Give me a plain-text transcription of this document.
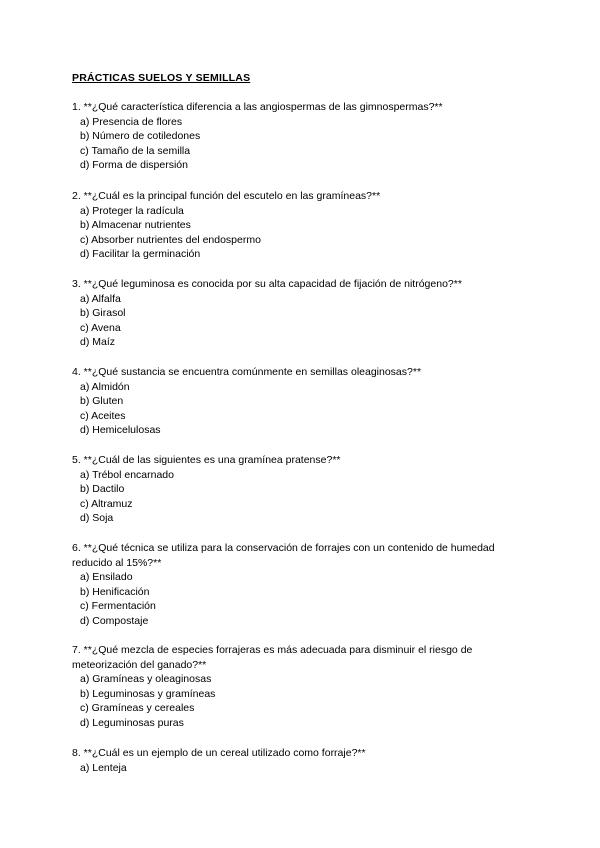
PRÁCTICAS SUELOS Y SEMILLAS

1. **¿Qué característica diferencia a las angiospermas de las gimnospermas?**

a) Presencia de flores
b) Número de cotiledones
c) Tamaño de la semilla
d) Forma de dispersión

2. **¿Cuál es la principal función del escutelo en las gramíneas?**

a) Proteger la radícula
b) Almacenar nutrientes
c) Absorber nutrientes del endospermo
d) Facilitar la germinación

3. **¿Qué leguminosa es conocida por su alta capacidad de fijación de nitrógeno?**

a) Alfalfa
b) Girasol
c) Avena
d) Maíz

4. **¿Qué sustancia se encuentra comúnmente en semillas oleaginosas?**

a) Almidón
b) Gluten
c) Aceites
d) Hemicelulosas

5. **¿Cuál de las siguientes es una gramínea pratense?**

a) Trébol encarnado
b) Dactilo
c) Altramuz
d) Soja

6. **¿Qué técnica se utiliza para la conservación de forrajes con un contenido de humedad reducido al 15%?**

a) Ensilado
b) Henificación
c) Fermentación
d) Compostaje

7. **¿Qué mezcla de especies forrajeras es más adecuada para disminuir el riesgo de meteorización del ganado?**

a) Gramíneas y oleaginosas
b) Leguminosas y gramíneas
c) Gramíneas y cereales
d) Leguminosas puras

8. **¿Cuál es un ejemplo de un cereal utilizado como forraje?**

a) Lenteja
